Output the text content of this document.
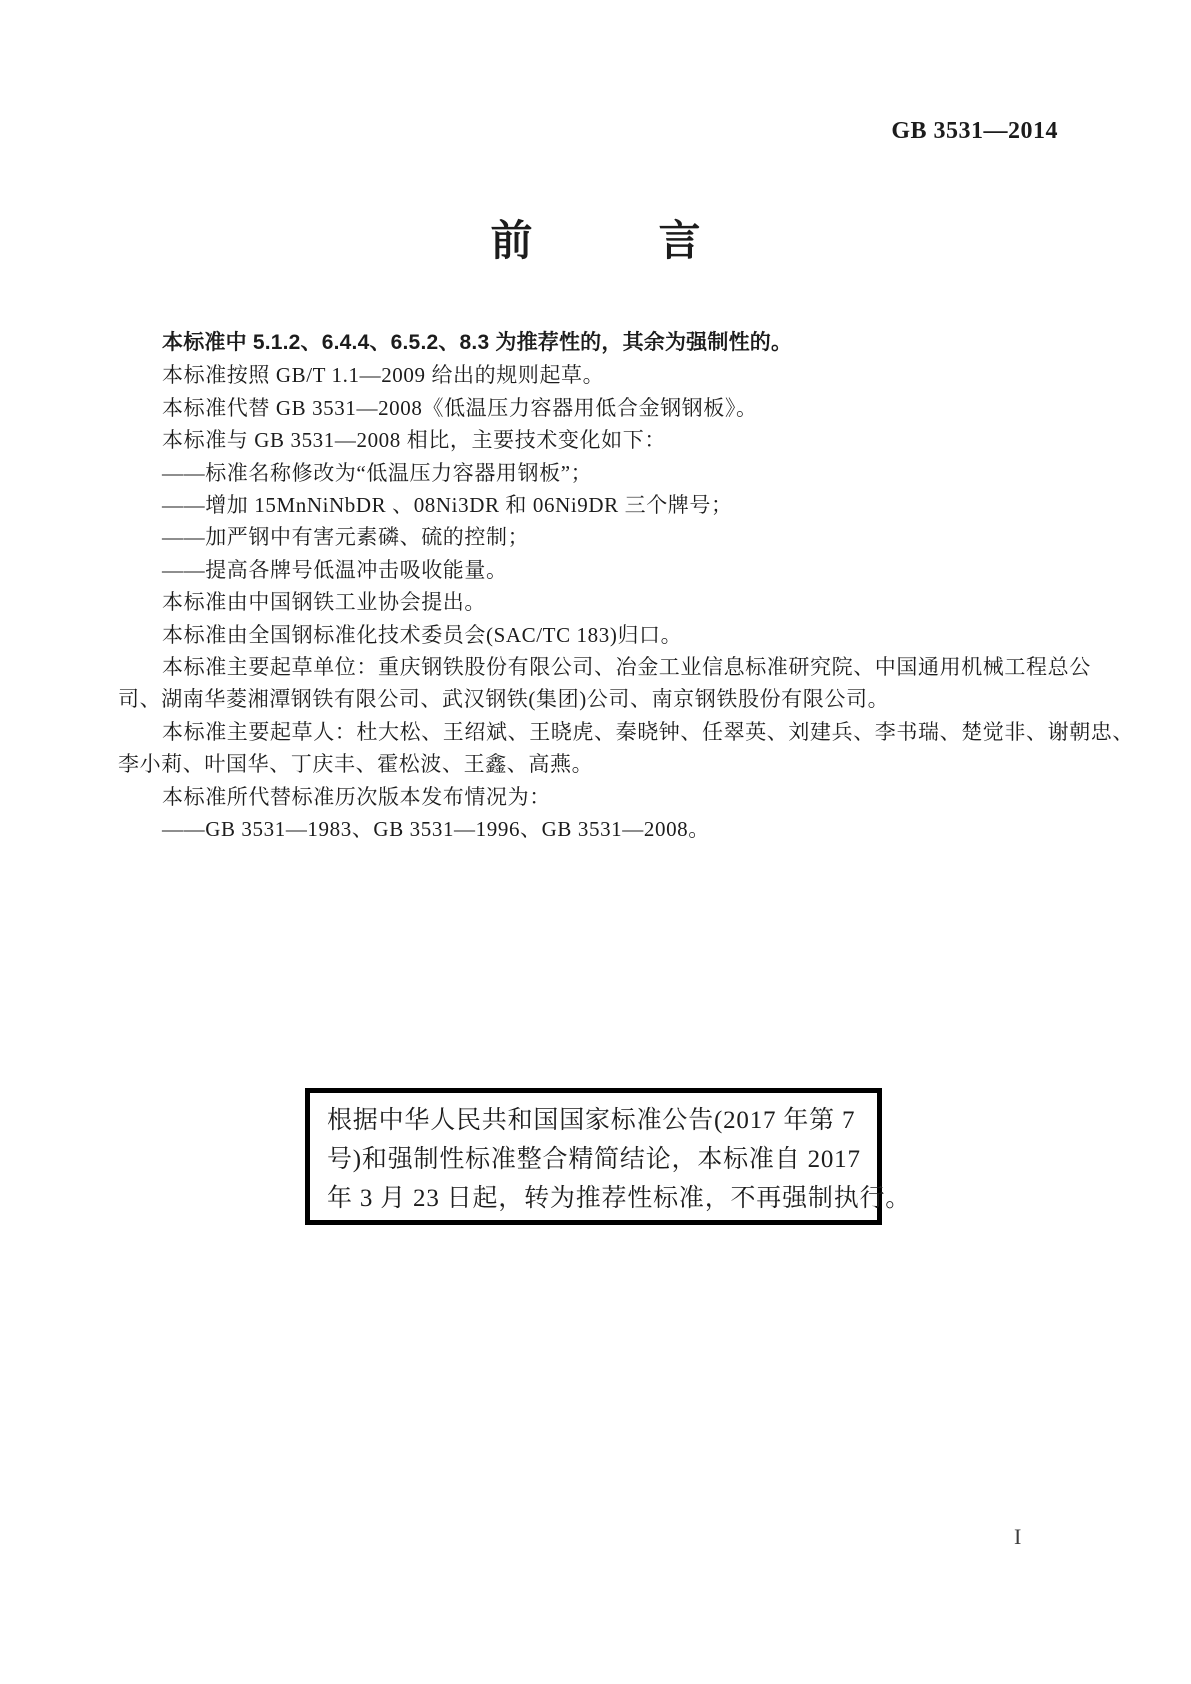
GB 3531—2014
前	言
本标准中 5.1.2、6.4.4、6.5.2、8.3 为推荐性的，其余为强制性的。
本标准按照 GB/T 1.1—2009 给出的规则起草。
本标准代替 GB 3531—2008《低温压力容器用低合金钢钢板》。
本标准与 GB 3531—2008 相比，主要技术变化如下：
——标准名称修改为“低温压力容器用钢板”；
——增加 15MnNiNbDR 、08Ni3DR 和 06Ni9DR 三个牌号；
——加严钢中有害元素磷、硫的控制；
——提高各牌号低温冲击吸收能量。
本标准由中国钢铁工业协会提出。
本标准由全国钢标准化技术委员会(SAC/TC 183)归口。
本标准主要起草单位：重庆钢铁股份有限公司、冶金工业信息标准研究院、中国通用机械工程总公
司、湖南华菱湘潭钢铁有限公司、武汉钢铁(集团)公司、南京钢铁股份有限公司。
本标准主要起草人：杜大松、王绍斌、王晓虎、秦晓钟、任翠英、刘建兵、李书瑞、楚觉非、谢朝忠、
李小莉、叶国华、丁庆丰、霍松波、王鑫、高燕。
本标准所代替标准历次版本发布情况为：
——GB 3531—1983、GB 3531—1996、GB 3531—2008。
根据中华人民共和国国家标准公告(2017 年第 7
号)和强制性标准整合精简结论，本标准自 2017
年 3 月 23 日起，转为推荐性标准，不再强制执行。
I
